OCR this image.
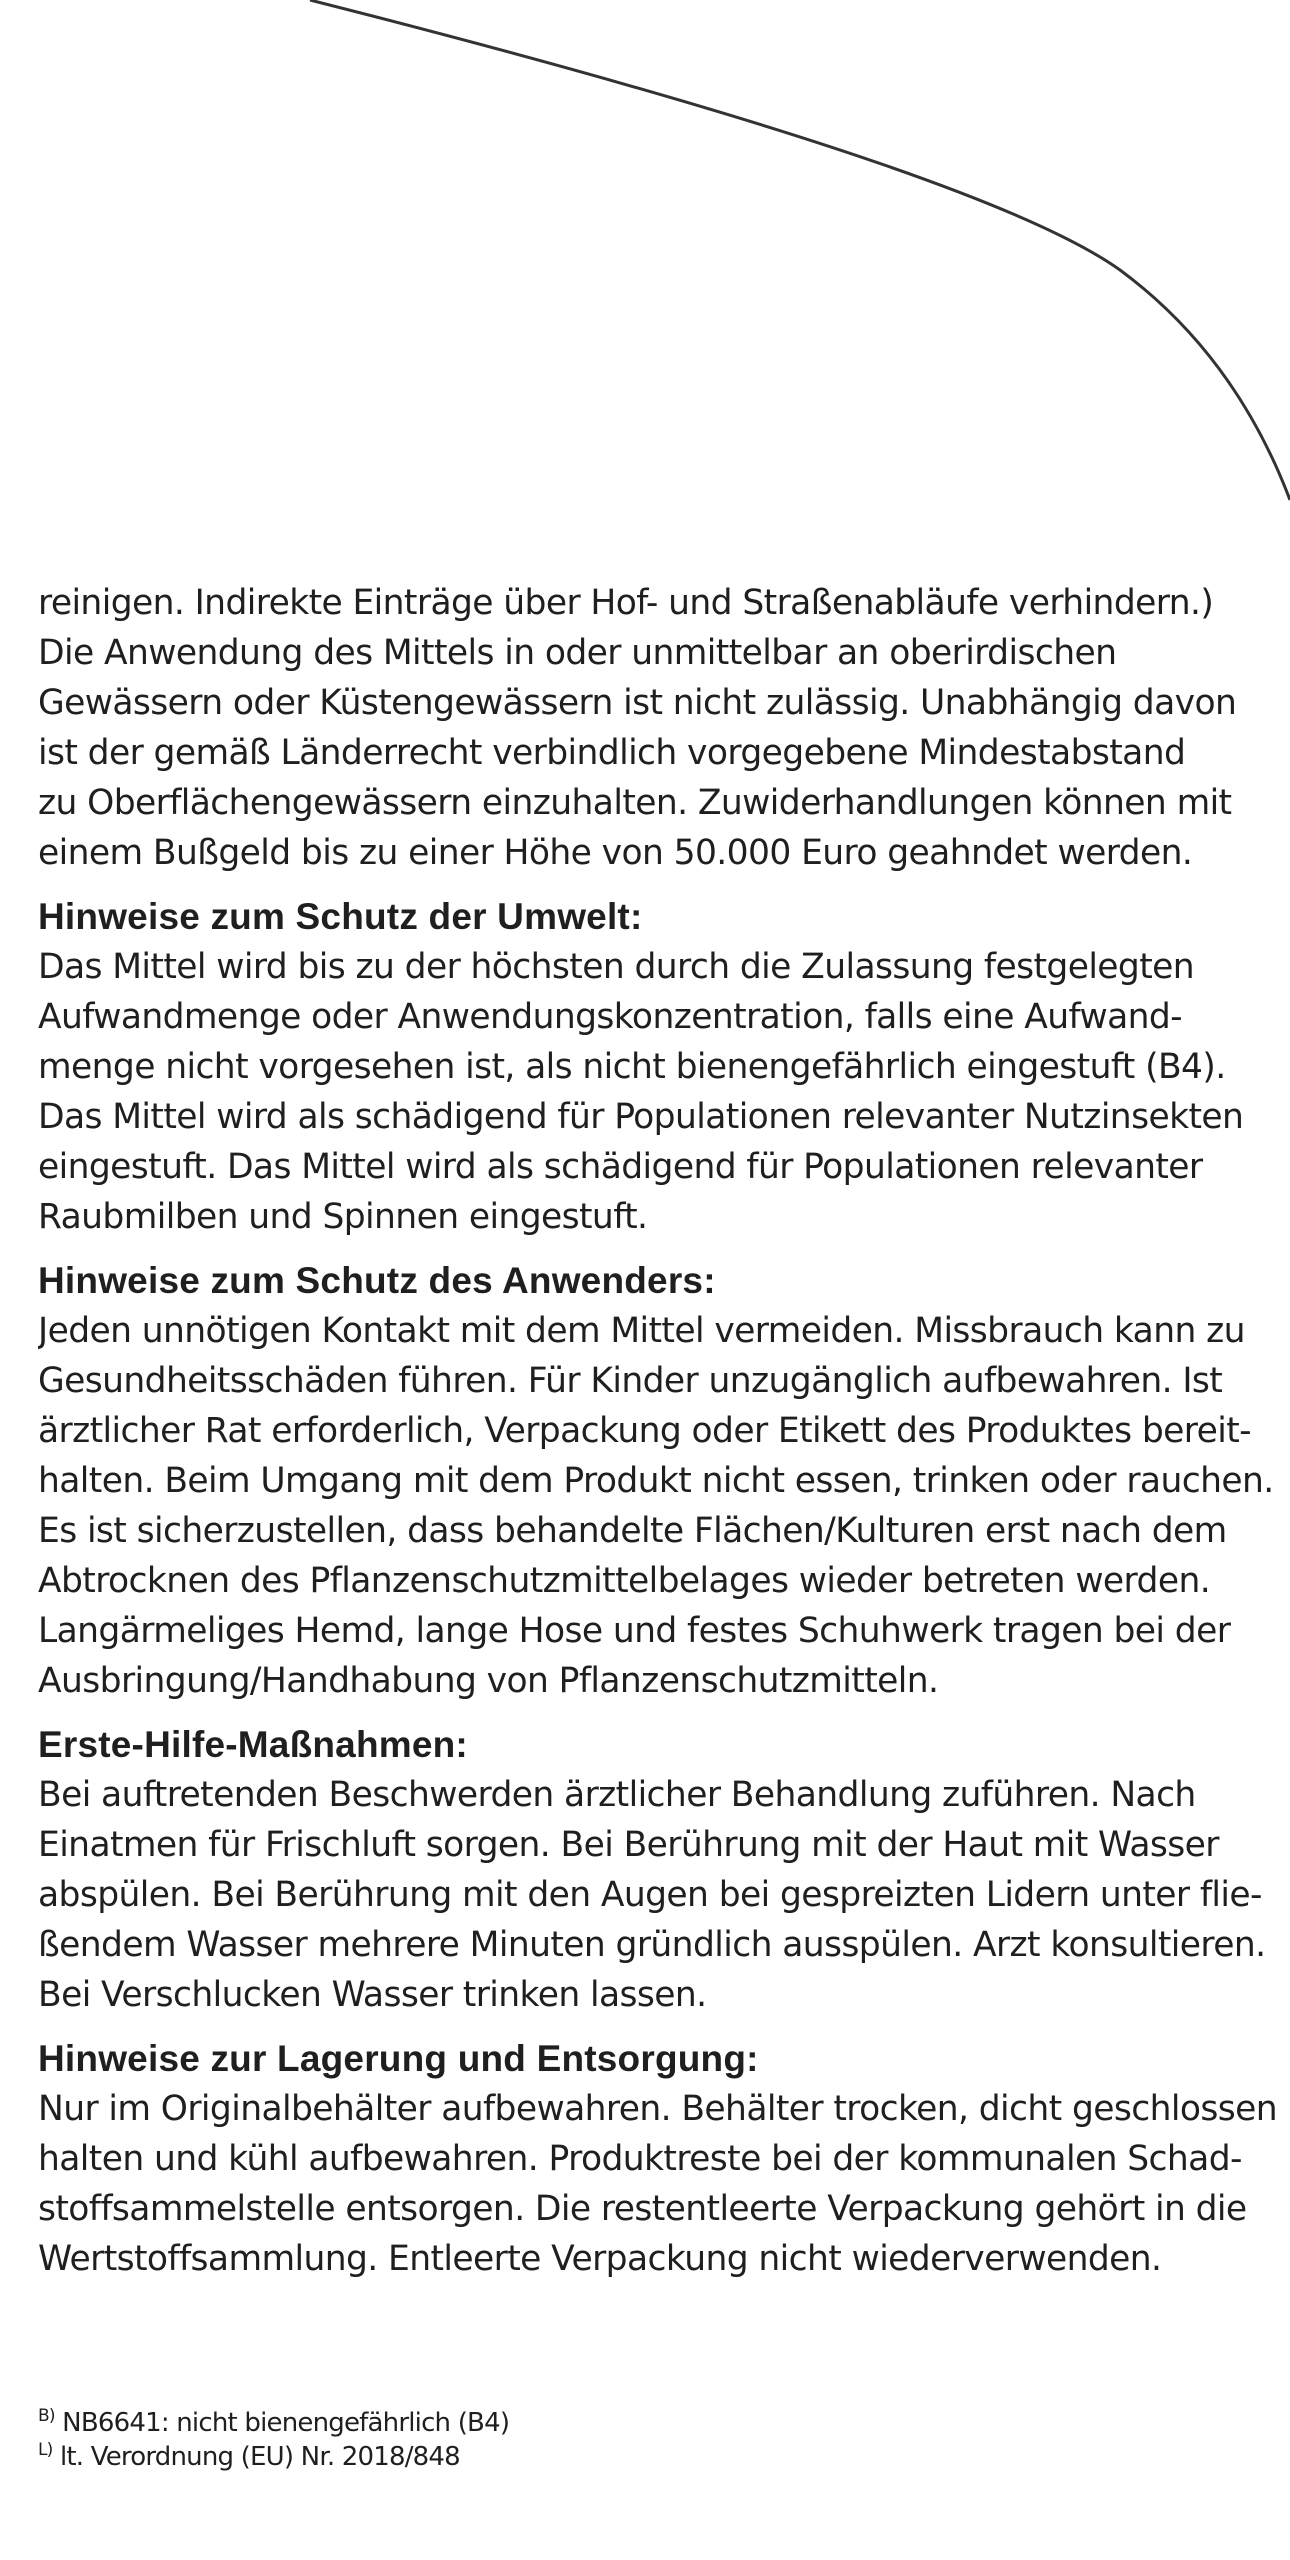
reinigen. Indirekte Einträge über Hof- und Straßenabläufe verhindern.)
Die Anwendung des Mittels in oder unmittelbar an oberirdischen
Gewässern oder Küstengewässern ist nicht zulässig. Unabhängig davon
ist der gemäß Länderrecht verbindlich vorgegebene Mindestabstand
zu Oberflächengewässern einzuhalten. Zuwiderhandlungen können mit
einem Bußgeld bis zu einer Höhe von 50.000 Euro geahndet werden.

Hinweise zum Schutz der Umwelt:

Das Mittel wird bis zu der höchsten durch die Zulassung festgelegten
Aufwandmenge oder Anwendungskonzentration, falls eine Aufwand-
menge nicht vorgesehen ist, als nicht bienengefährlich eingestuft (B4).
Das Mittel wird als schädigend für Populationen relevanter Nutzinsekten
eingestuft. Das Mittel wird als schädigend für Populationen relevanter
Raubmilben und Spinnen eingestuft.

Hinweise zum Schutz des Anwenders:

Jeden unnötigen Kontakt mit dem Mittel vermeiden. Missbrauch kann zu
Gesundheitsschäden führen. Für Kinder unzugänglich aufbewahren. Ist
ärztlicher Rat erforderlich, Verpackung oder Etikett des Produktes bereit-
halten. Beim Umgang mit dem Produkt nicht essen, trinken oder rauchen.
Es ist sicherzustellen, dass behandelte Flächen/Kulturen erst nach dem
Abtrocknen des Pflanzenschutzmittelbelages wieder betreten werden.
Langärmeliges Hemd, lange Hose und festes Schuhwerk tragen bei der
Ausbringung/Handhabung von Pflanzenschutzmitteln.

Erste-Hilfe-Maßnahmen:

Bei auftretenden Beschwerden ärztlicher Behandlung zuführen. Nach
Einatmen für Frischluft sorgen. Bei Berührung mit der Haut mit Wasser
abspülen. Bei Berührung mit den Augen bei gespreizten Lidern unter flie-
ßendem Wasser mehrere Minuten gründlich ausspülen. Arzt konsultieren.
Bei Verschlucken Wasser trinken lassen.

Hinweise zur Lagerung und Entsorgung:

Nur im Originalbehälter aufbewahren. Behälter trocken, dicht geschlossen
halten und kühl aufbewahren. Produktreste bei der kommunalen Schad-
stoffsammelstelle entsorgen. Die restentleerte Verpackung gehört in die
Wertstoffsammlung. Entleerte Verpackung nicht wiederverwenden.

$^{B)}$ NB6641: nicht bienengefährlich (B4)

$^{L)}$ lt. Verordnung (EU) Nr. 2018/848
